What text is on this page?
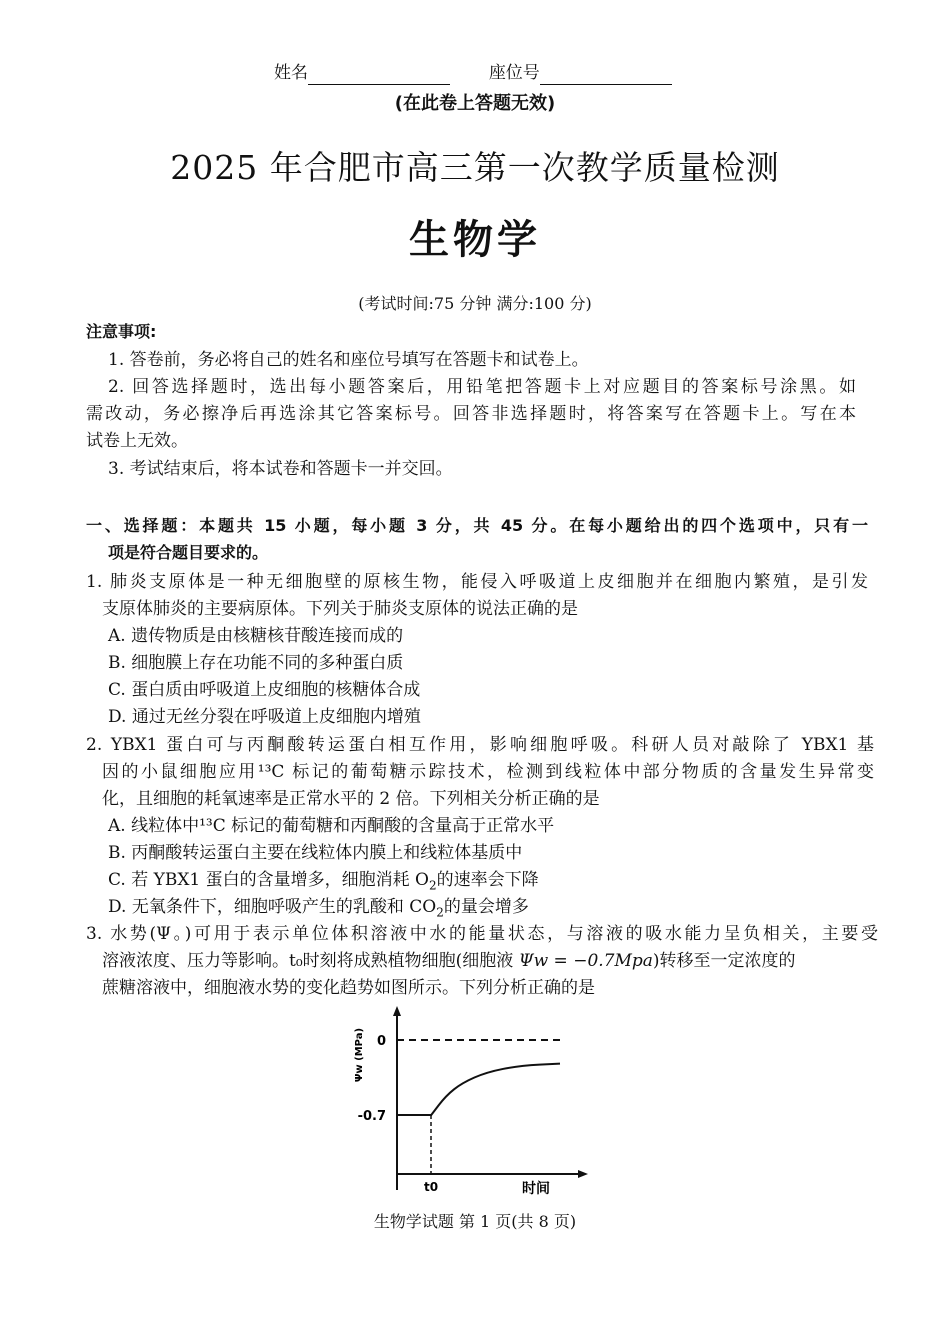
姓名	座位号
(在此卷上答题无效)
2025 年合肥市高三第一次教学质量检测
生物学
(考试时间:75 分钟 满分:100 分)
注意事项:
1. 答卷前，务必将自己的姓名和座位号填写在答题卡和试卷上。
2. 回答选择题时，选出每小题答案后，用铅笔把答题卡上对应题目的答案标号涂黑。如
需改动，务必擦净后再选涂其它答案标号。回答非选择题时，将答案写在答题卡上。写在本
试卷上无效。
3. 考试结束后，将本试卷和答题卡一并交回。
一、选择题：本题共 15 小题，每小题 3 分，共 45 分。在每小题给出的四个选项中，只有一
项是符合题目要求的。
1. 肺炎支原体是一种无细胞壁的原核生物，能侵入呼吸道上皮细胞并在细胞内繁殖，是引发
支原体肺炎的主要病原体。下列关于肺炎支原体的说法正确的是
A. 遗传物质是由核糖核苷酸连接而成的
B. 细胞膜上存在功能不同的多种蛋白质
C. 蛋白质由呼吸道上皮细胞的核糖体合成
D. 通过无丝分裂在呼吸道上皮细胞内增殖
2. YBX1 蛋白可与丙酮酸转运蛋白相互作用，影响细胞呼吸。科研人员对敲除了 YBX1 基
因的小鼠细胞应用¹³C 标记的葡萄糖示踪技术，检测到线粒体中部分物质的含量发生异常变
化，且细胞的耗氧速率是正常水平的 2 倍。下列相关分析正确的是
A. 线粒体中¹³C 标记的葡萄糖和丙酮酸的含量高于正常水平
B. 丙酮酸转运蛋白主要在线粒体内膜上和线粒体基质中
C. 若 YBX1 蛋白的含量增多，细胞消耗 $O_2$的速率会下降
D. 无氧条件下，细胞呼吸产生的乳酸和 $CO_2$的量会增多
3. 水势(Ψ。)可用于表示单位体积溶液中水的能量状态，与溶液的吸水能力呈负相关，主要受
溶液浓度、压力等影响。t₀时刻将成熟植物细胞(细胞液 Ψw = −0.7Mpa)转移至一定浓度的
蔗糖溶液中，细胞液水势的变化趋势如图所示。下列分析正确的是
0
-0.7
Ψw (MPa)
t0	时间
生物学试题 第 1 页(共 8 页)
